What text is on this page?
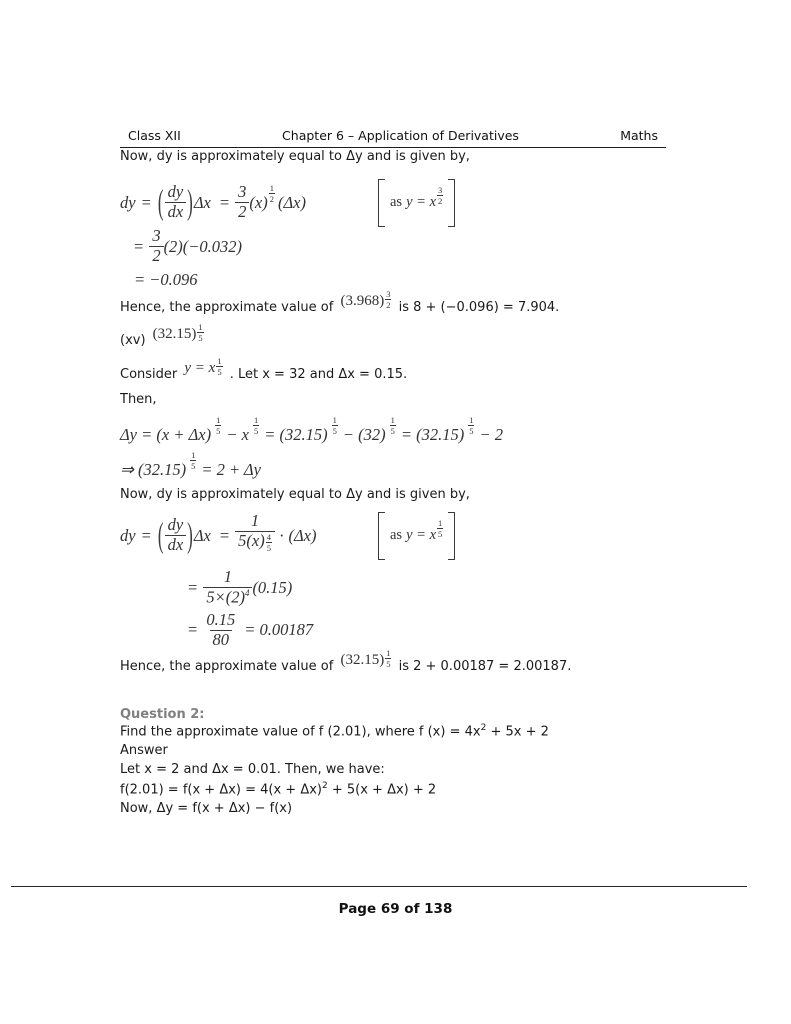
Class XII	Chapter 6 – Application of Derivatives	Maths

Now, dy is approximately equal to Δy and is given by,

dy = ( $\frac{dy}{dx}$ ) $\Delta x = \frac{3}{2} (x) \frac{1}{2} (\Delta x)$	as y = x $\frac{3}{2}$
= $\frac{3}{2} (2)(-0.032)$
= −0.096

Hence, the approximate value of $(3.968) \frac{3}{2}$ is 8 + (−0.096) = 7.904.

(xv) $(32.15) \frac{1}{5}$

Consider y = x $\frac{1}{5}$ . Let x = 32 and Δx = 0.15.

Then,

$\Delta y = (x + \Delta x) \frac{1}{5} - x \frac{1}{5} = (32.15) \frac{1}{5} - (32) \frac{1}{5} = (32.15) \frac{1}{5} - 2$
⇒ $(32.15) \frac{1}{5} = 2 + \Delta y$

Now, dy is approximately equal to Δy and is given by,

dy = ( $\frac{dy}{dx}$ ) $\Delta x = \frac{1}{5(x) \frac{4}{5}} \cdot (\Delta x)$	as y = x $\frac{1}{5}$
= $\frac{1}{5\times(2)^4} (0.15)$
= $\frac{0.15}{80} = 0.00187$

Hence, the approximate value of $(32.15) \frac{1}{5}$ is 2 + 0.00187 = 2.00187.

Question 2:

Find the approximate value of f (2.01), where f $(x) = 4x^2 + 5x + 2$

Answer

Let x = 2 and Δx = 0.01. Then, we have:

$f(2.01) = f(x + \Delta x) = 4(x + \Delta x)^2 + 5(x + \Delta x) + 2$

Now, Δy = f(x + Δx) − f(x)

Page 69 of 138
